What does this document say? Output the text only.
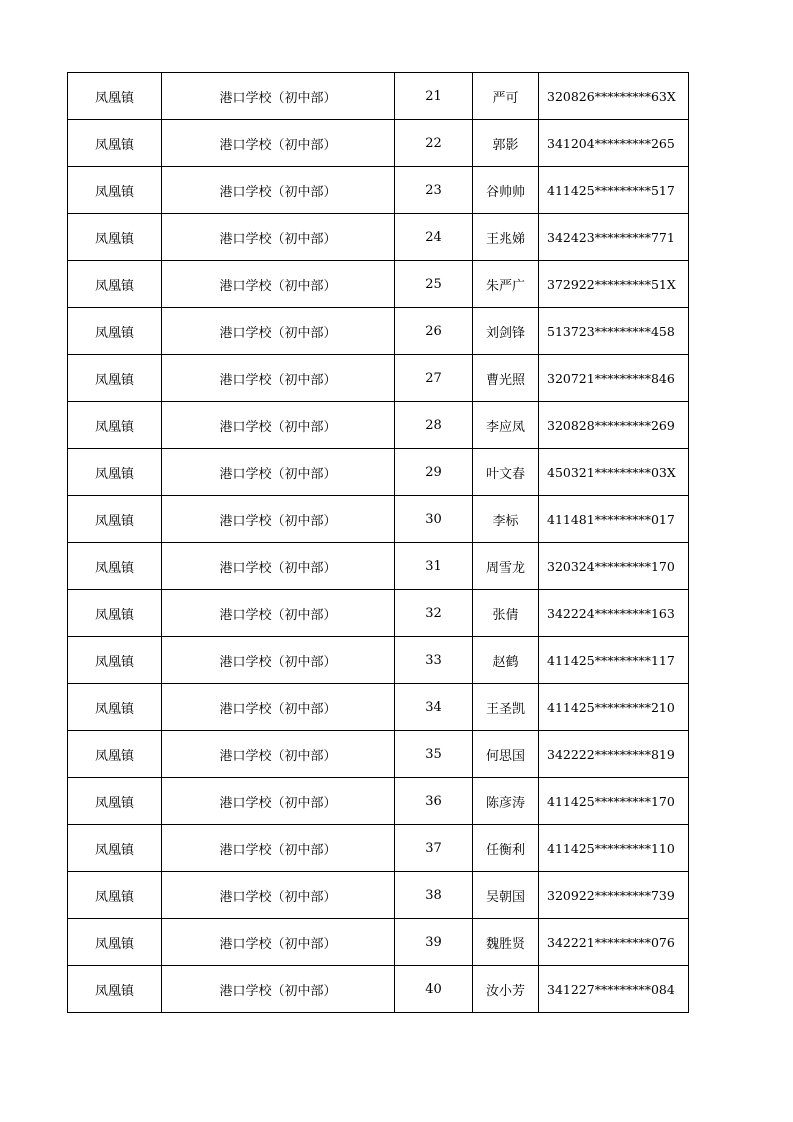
凤凰镇	港口学校（初中部）	21	严可	320826*********63X
凤凰镇	港口学校（初中部）	22	郭影	341204*********265
凤凰镇	港口学校（初中部）	23	谷帅帅	411425*********517
凤凰镇	港口学校（初中部）	24	王兆娣	342423*********771
凤凰镇	港口学校（初中部）	25	朱严广	372922*********51X
凤凰镇	港口学校（初中部）	26	刘剑锋	513723*********458
凤凰镇	港口学校（初中部）	27	曹光照	320721*********846
凤凰镇	港口学校（初中部）	28	李应凤	320828*********269
凤凰镇	港口学校（初中部）	29	叶文春	450321*********03X
凤凰镇	港口学校（初中部）	30	李标	411481*********017
凤凰镇	港口学校（初中部）	31	周雪龙	320324*********170
凤凰镇	港口学校（初中部）	32	张倩	342224*********163
凤凰镇	港口学校（初中部）	33	赵鹤	411425*********117
凤凰镇	港口学校（初中部）	34	王圣凯	411425*********210
凤凰镇	港口学校（初中部）	35	何思国	342222*********819
凤凰镇	港口学校（初中部）	36	陈彦涛	411425*********170
凤凰镇	港口学校（初中部）	37	任衡利	411425*********110
凤凰镇	港口学校（初中部）	38	吴朝国	320922*********739
凤凰镇	港口学校（初中部）	39	魏胜贤	342221*********076
凤凰镇	港口学校（初中部）	40	汝小芳	341227*********084
